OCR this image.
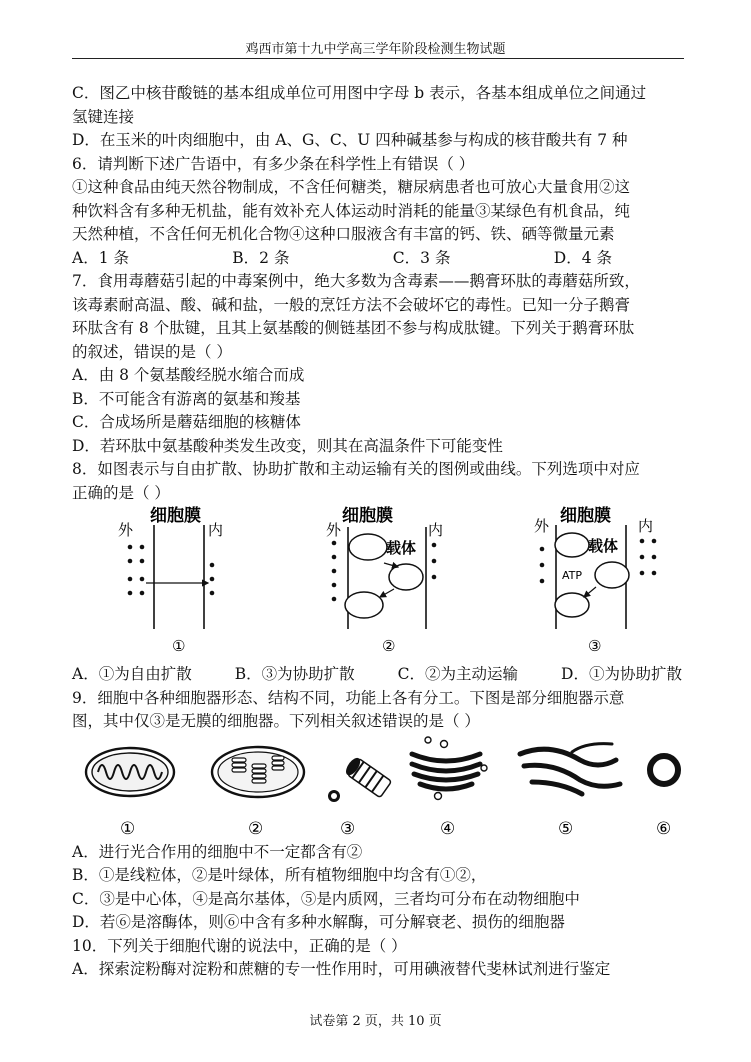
鸡西市第十九中学高三学年阶段检测生物试题
C．图乙中核苷酸链的基本组成单位可用图中字母 b 表示，各基本组成单位之间通过
氢键连接
D．在玉米的叶肉细胞中，由 A、G、C、U 四种碱基参与构成的核苷酸共有 7 种
6．请判断下述广告语中，有多少条在科学性上有错误（ ）
①这种食品由纯天然谷物制成，不含任何糖类，糖尿病患者也可放心大量食用②这
种饮料含有多种无机盐，能有效补充人体运动时消耗的能量③某绿色有机食品，纯
天然种植，不含任何无机化合物④这种口服液含有丰富的钙、铁、硒等微量元素
A．1 条	B．2 条	C．3 条	D．4 条
7．食用毒蘑菇引起的中毒案例中，绝大多数为含毒素——鹅膏环肽的毒蘑菇所致，
该毒素耐高温、酸、碱和盐，一般的烹饪方法不会破坏它的毒性。已知一分子鹅膏
环肽含有 8 个肽键，且其上氨基酸的侧链基团不参与构成肽键。下列关于鹅膏环肽
的叙述，错误的是（ ）
A．由 8 个氨基酸经脱水缩合而成
B．不可能含有游离的氨基和羧基
C．合成场所是蘑菇细胞的核糖体
D．若环肽中氨基酸种类发生改变，则其在高温条件下可能变性
8．如图表示与自由扩散、协助扩散和主动运输有关的图例或曲线。下列选项中对应
正确的是（ ）
细胞膜
外	内
①
细胞膜
外	内
载体
②
细胞膜
外	内
载体
ATP
③
A．①为自由扩散	B．③为协助扩散	C．②为主动运输	D．①为协助扩散
9．细胞中各种细胞器形态、结构不同，功能上各有分工。下图是部分细胞器示意
图，其中仅③是无膜的细胞器。下列相关叙述错误的是（ ）
①	②	③	④	⑤	⑥
A．进行光合作用的细胞中不一定都含有②
B．①是线粒体，②是叶绿体，所有植物细胞中均含有①②，
C．③是中心体，④是高尔基体，⑤是内质网，三者均可分布在动物细胞中
D．若⑥是溶酶体，则⑥中含有多种水解酶，可分解衰老、损伤的细胞器
10．下列关于细胞代谢的说法中，正确的是（ ）
A．探索淀粉酶对淀粉和蔗糖的专一性作用时，可用碘液替代斐林试剂进行鉴定
试卷第 2 页，共 10 页
